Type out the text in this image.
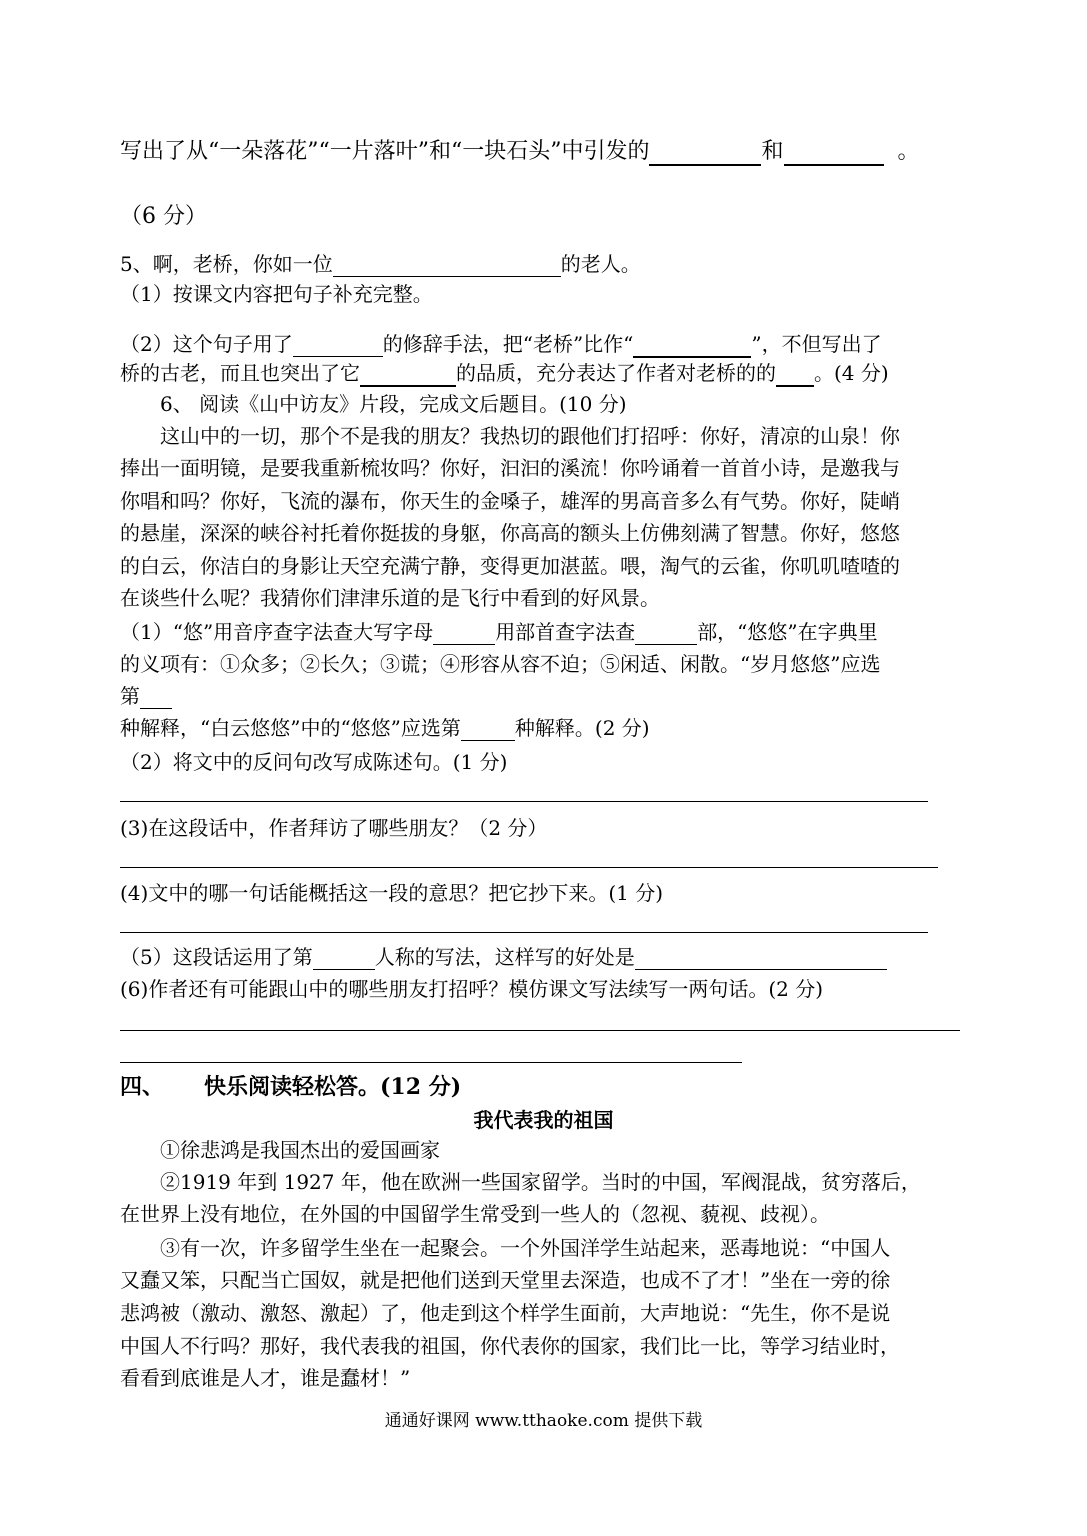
写出了从“一朵落花”“一片落叶”和“一块石头”中引发的	和	。
（6 分）
5、啊，老桥，你如一位	的老人。
（1）按课文内容把句子补充完整。
（2）这个句子用了	的修辞手法，把“老桥”比作“	”，不但写出了
桥的古老，而且也突出了它	的品质，充分表达了作者对老桥的的 。(4 分)
6、 阅读《山中访友》片段，完成文后题目。(10 分)
这山中的一切，那个不是我的朋友？我热切的跟他们打招呼：你好，清凉的山泉！你
捧出一面明镜，是要我重新梳妆吗？你好，汩汩的溪流！你吟诵着一首首小诗，是邀我与
你唱和吗？你好，飞流的瀑布，你天生的金嗓子，雄浑的男高音多么有气势。你好，陡峭
的悬崖，深深的峡谷衬托着你挺拔的身躯，你高高的额头上仿佛刻满了智慧。你好，悠悠
的白云，你洁白的身影让天空充满宁静，变得更加湛蓝。喂，淘气的云雀，你叽叽喳喳的
在谈些什么呢？我猜你们津津乐道的是飞行中看到的好风景。
（1）“悠”用音序查字法查大写字母	用部首查字法查	部，“悠悠”在字典里
的义项有：①众多；②长久；③谎；④形容从容不迫；⑤闲适、闲散。“岁月悠悠”应选
第
种解释，“白云悠悠”中的“悠悠”应选第	种解释。(2 分)
（2）将文中的反问句改写成陈述句。(1 分)
(3)在这段话中，作者拜访了哪些朋友？（2 分）
(4)文中的哪一句话能概括这一段的意思？把它抄下来。(1 分)
（5）这段话运用了第	人称的写法，这样写的好处是
(6)作者还有可能跟山中的哪些朋友打招呼？模仿课文写法续写一两句话。(2 分)
四、 快乐阅读轻松答。(12 分)
我代表我的祖国
①徐悲鸿是我国杰出的爱国画家
②1919 年到 1927 年，他在欧洲一些国家留学。当时的中国，军阀混战，贫穷落后，
在世界上没有地位，在外国的中国留学生常受到一些人的（忽视、藐视、歧视）。
③有一次，许多留学生坐在一起聚会。一个外国洋学生站起来，恶毒地说：“中国人
又蠢又笨，只配当亡国奴，就是把他们送到天堂里去深造，也成不了才！”坐在一旁的徐
悲鸿被（激动、激怒、激起）了，他走到这个样学生面前，大声地说：“先生，你不是说
中国人不行吗？那好，我代表我的祖国，你代表你的国家，我们比一比，等学习结业时，
看看到底谁是人才，谁是蠢材！”
通通好课网 www.tthaoke.com 提供下载
